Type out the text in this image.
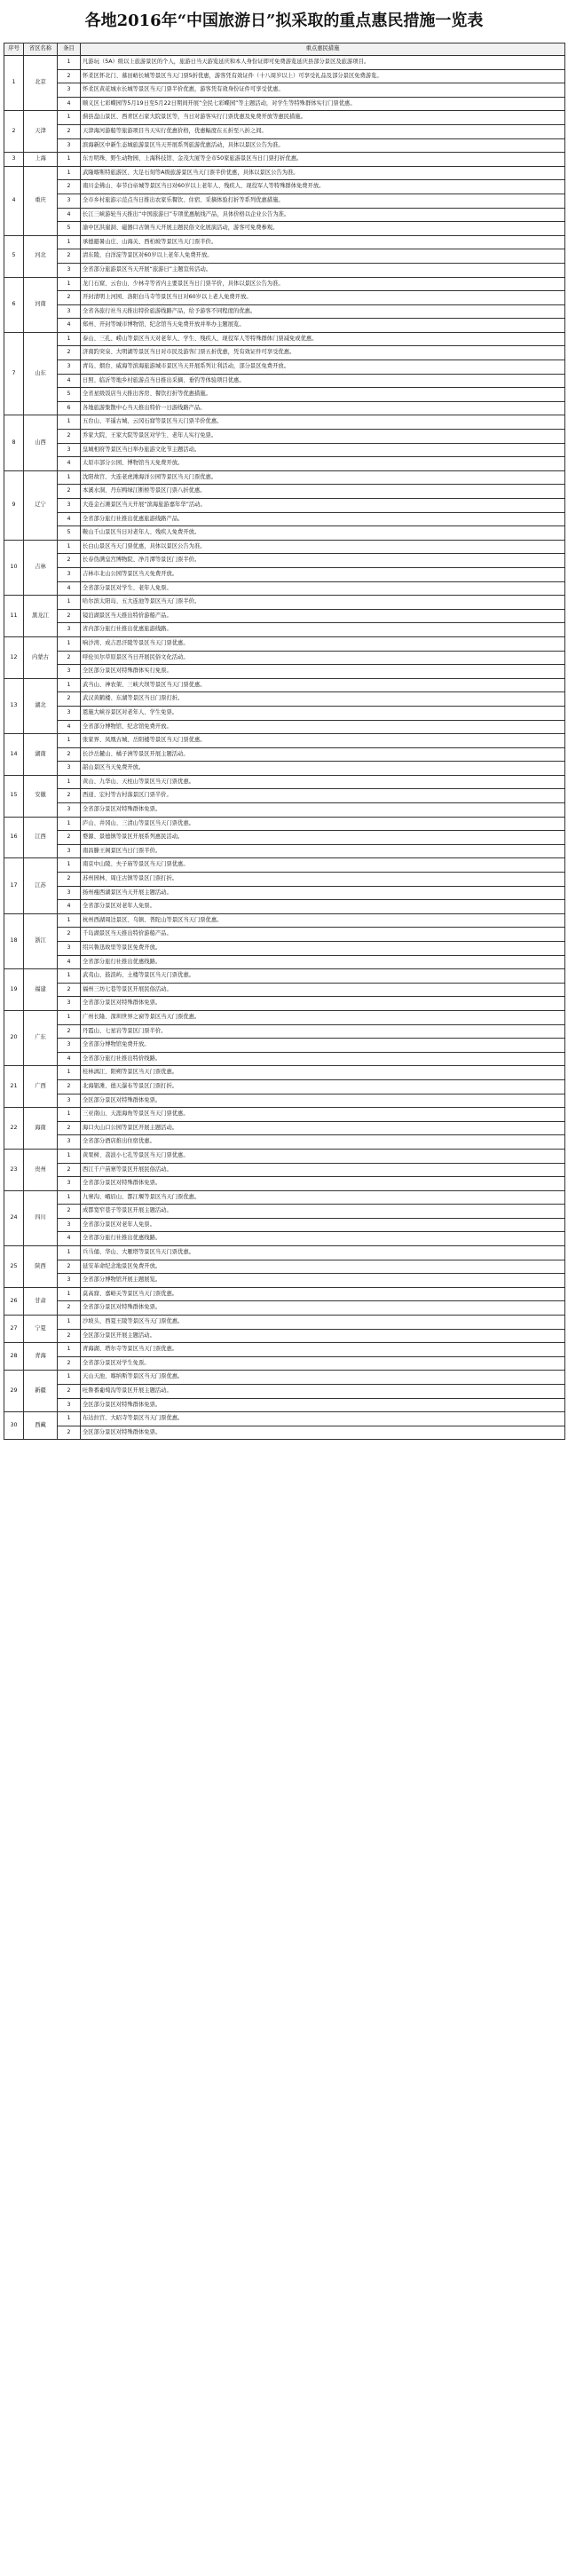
各地2016年“中国旅游日”拟采取的重点惠民措施一览表
序号	省区名称	条目	重点惠民措施
1	北京	1	凡游玩（5A）级以上旅游景区的个人，旅游日当天游览延庆和本人身份证即可免费游览延庆县部分景区及旅游项目。
		2	怀柔区怀北门、慕田峪长城等景区当天门票5折优惠，游客凭有效证件（十八周岁以上）可享受礼品及部分景区免费游览。
		3	怀柔区黄花城水长城等景区当天门票半价优惠，游客凭有效身份证件可享受优惠。
		4	顺义区七彩蝶园等5月19日至5月22日期间开展“全民七彩蝶园”等主题活动，对学生等特殊群体实行门票优惠。
2	天津	1	蓟县盘山景区、西青区石家大院景区等，当日对游客实行门票优惠及免费开放等惠民措施。
		2	天津海河游船等旅游项目当天实行优惠价格，优惠幅度在五折至八折之间。
		3	滨海新区中新生态城旅游景区当天开展系列旅游优惠活动，具体以景区公告为准。
3	上海	1	东方明珠、野生动物园、上海科技馆、金茂大厦等全市50家旅游景区当日门票打折优惠。
4	重庆	1	武隆喀斯特旅游区、大足石刻等A级旅游景区当天门票半价优惠，具体以景区公告为准。
		2	南川金佛山、奉节白帝城等景区当日对60岁以上老年人、残疾人、现役军人等特殊群体免费开放。
		3	全市乡村旅游示范点当日推出农家乐餐饮、住宿、采摘体验打折等系列优惠措施。
		4	长江三峡游轮当天推出“中国旅游日”专项优惠航线产品，具体价格以企业公告为准。
		5	渝中区洪崖洞、磁器口古镇当天开展主题民俗文化展演活动，游客可免费参观。
5	河北	1	承德避暑山庄、山海关、西柏坡等景区当天门票半价。
		2	清东陵、白洋淀等景区对60岁以上老年人免费开放。
		3	全省部分旅游景区当天开展“旅游日”主题宣传活动。
6	河南	1	龙门石窟、云台山、少林寺等省内主要景区当日门票半价，具体以景区公告为准。
		2	开封清明上河园、洛阳白马寺等景区当日对60岁以上老人免费开放。
		3	全省各旅行社当天推出特价旅游线路产品，给予游客不同程度的优惠。
		4	郑州、开封等城市博物馆、纪念馆当天免费开放并举办主题展览。
7	山东	1	泰山、三孔、崂山等景区当天对老年人、学生、残疾人、现役军人等特殊群体门票减免或优惠。
		2	济南趵突泉、大明湖等景区当日对市民及游客门票五折优惠，凭有效证件可享受优惠。
		3	青岛、烟台、威海等滨海旅游城市景区当天开展系列让利活动，部分景区免费开放。
		4	日照、临沂等地乡村旅游点当日推出采摘、垂钓等体验项目优惠。
		5	全省星级饭店当天推出客房、餐饮打折等优惠措施。
		6	各地旅游集散中心当天推出特价一日游线路产品。
8	山西	1	五台山、平遥古城、云冈石窟等景区当天门票半价优惠。
		2	乔家大院、王家大院等景区对学生、老年人实行免票。
		3	皇城相府等景区当日举办旅游文化节主题活动。
		4	太原市部分公园、博物馆当天免费开放。
9	辽宁	1	沈阳故宫、大连老虎滩海洋公园等景区当天门票优惠。
		2	本溪水洞、丹东鸭绿江断桥等景区门票八折优惠。
		3	大连金石滩景区当天开展“滨海旅游嘉年华”活动。
		4	全省部分旅行社推出优惠旅游线路产品。
		5	鞍山千山景区当日对老年人、残疾人免费开放。
10	吉林	1	长白山景区当天门票优惠，具体以景区公告为准。
		2	长春伪满皇宫博物院、净月潭等景区门票半价。
		3	吉林市北山公园等景区当天免费开放。
		4	全省部分景区对学生、老年人免票。
11	黑龙江	1	哈尔滨太阳岛、五大连池等景区当天门票半价。
		2	镜泊湖景区当天推出特价游船产品。
		3	省内部分旅行社推出优惠旅游线路。
12	内蒙古	1	响沙湾、成吉思汗陵等景区当天门票优惠。
		2	呼伦贝尔草原景区当日开展民俗文化活动。
		3	全区部分景区对特殊群体实行免票。
13	湖北	1	武当山、神农架、三峡大坝等景区当天门票优惠。
		2	武汉黄鹤楼、东湖等景区当日门票打折。
		3	恩施大峡谷景区对老年人、学生免票。
		4	全省部分博物馆、纪念馆免费开放。
14	湖南	1	张家界、凤凰古城、岳阳楼等景区当天门票优惠。
		2	长沙岳麓山、橘子洲等景区开展主题活动。
		3	韶山景区当天免费开放。
15	安徽	1	黄山、九华山、天柱山等景区当天门票优惠。
		2	西递、宏村等古村落景区门票半价。
		3	全省部分景区对特殊群体免票。
16	江西	1	庐山、井冈山、三清山等景区当天门票优惠。
		2	婺源、景德镇等景区开展系列惠民活动。
		3	南昌滕王阁景区当日门票半价。
17	江苏	1	南京中山陵、夫子庙等景区当天门票优惠。
		2	苏州园林、周庄古镇等景区门票打折。
		3	扬州瘦西湖景区当天开展主题活动。
		4	全省部分景区对老年人免票。
18	浙江	1	杭州西湖周边景区、乌镇、普陀山等景区当天门票优惠。
		2	千岛湖景区当天推出特价游船产品。
		3	绍兴鲁迅故里等景区免费开放。
		4	全省部分旅行社推出优惠线路。
19	福建	1	武夷山、鼓浪屿、土楼等景区当天门票优惠。
		2	福州三坊七巷等景区开展民俗活动。
		3	全省部分景区对特殊群体免票。
20	广东	1	广州长隆、深圳世界之窗等景区当天门票优惠。
		2	丹霞山、七星岩等景区门票半价。
		3	全省部分博物馆免费开放。
		4	全省部分旅行社推出特价线路。
21	广西	1	桂林漓江、阳朔等景区当天门票优惠。
		2	北海银滩、德天瀑布等景区门票打折。
		3	全区部分景区对特殊群体免票。
22	海南	1	三亚南山、天涯海角等景区当天门票优惠。
		2	海口火山口公园等景区开展主题活动。
		3	全省部分酒店推出住宿优惠。
23	贵州	1	黄果树、荔波小七孔等景区当天门票优惠。
		2	西江千户苗寨等景区开展民俗活动。
		3	全省部分景区对特殊群体免票。
24	四川	1	九寨沟、峨眉山、都江堰等景区当天门票优惠。
		2	成都宽窄巷子等景区开展主题活动。
		3	全省部分景区对老年人免票。
		4	全省部分旅行社推出优惠线路。
25	陕西	1	兵马俑、华山、大雁塔等景区当天门票优惠。
		2	延安革命纪念地景区免费开放。
		3	全省部分博物馆开展主题展览。
26	甘肃	1	莫高窟、嘉峪关等景区当天门票优惠。
		2	全省部分景区对特殊群体免票。
27	宁夏	1	沙坡头、西夏王陵等景区当天门票优惠。
		2	全区部分景区开展主题活动。
28	青海	1	青海湖、塔尔寺等景区当天门票优惠。
		2	全省部分景区对学生免票。
29	新疆	1	天山天池、喀纳斯等景区当天门票优惠。
		2	吐鲁番葡萄沟等景区开展主题活动。
		3	全区部分景区对特殊群体免票。
30	西藏	1	布达拉宫、大昭寺等景区当天门票优惠。
		2	全区部分景区对特殊群体免票。
